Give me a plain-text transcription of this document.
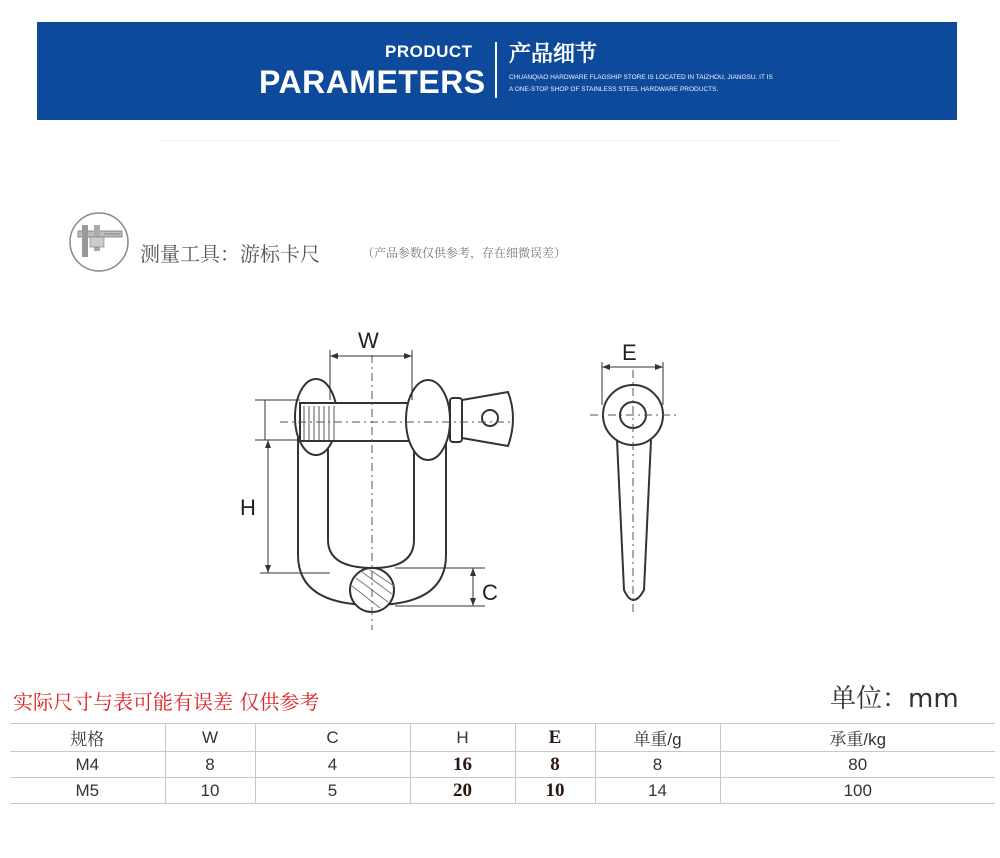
PRODUCT
PARAMETERS
产品细节
CHUANQIAO HARDWARE FLAGSHIP STORE IS LOCATED IN TAIZHOU, JIANGSU. IT IS
A ONE-STOP SHOP OF STAINLESS STEEL HARDWARE PRODUCTS.
测量工具：游标卡尺	（产品参数仅供参考，存在细微误差）
W	E
H
C
实际尺寸与表可能有误差 仅供参考	单位：mm
规格	W	C	H	E	单重/g	承重/kg
M4	8	4	16	8	8	80
M5	10	5	20	10	14	100
